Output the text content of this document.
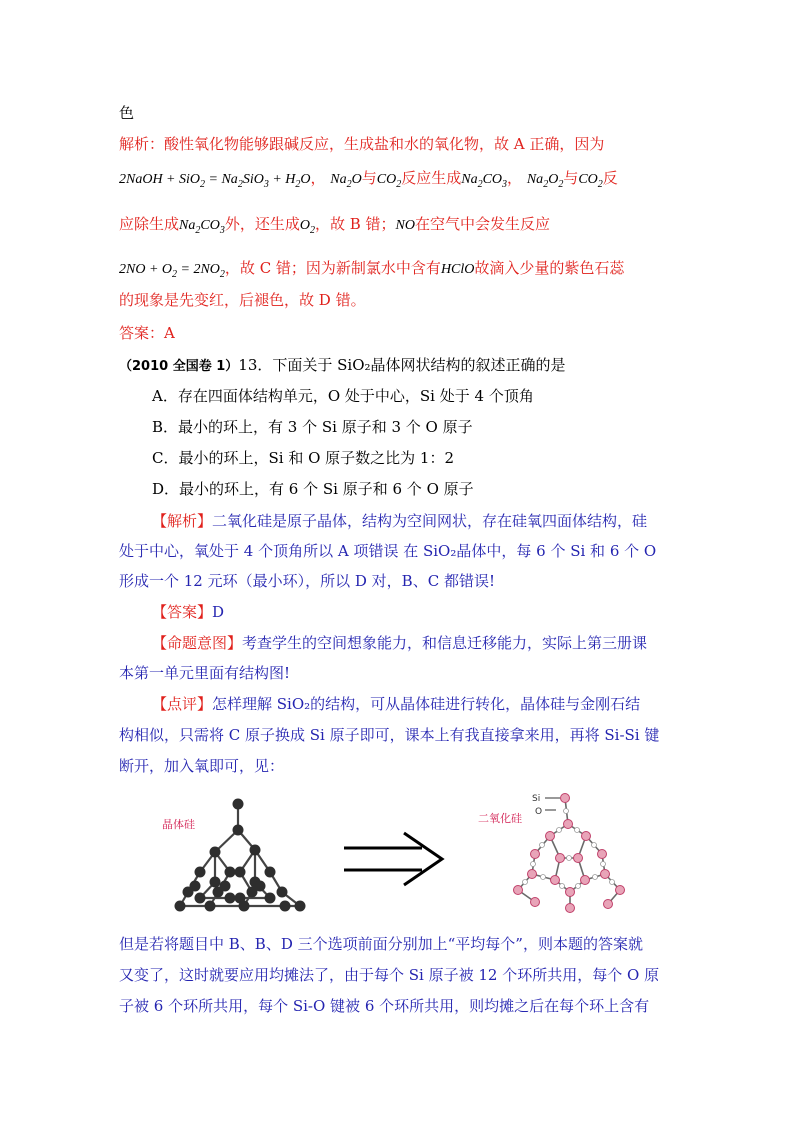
色
解析：酸性氧化物能够跟碱反应，生成盐和水的氧化物，故 A 正确，因为
2NaOH + $SiO_2 = Na_2SiO_3 + H_2O$， $Na_2O$与$CO_2$反应生成$Na_2CO_3$， $Na_2O_2$与$CO_2$反
应除生成$Na_2CO_3$外，还生成$O_2$，故 B 错；NO在空气中会发生反应
$2NO + O_2 = 2NO_2$，故 C 错；因为新制氯水中含有HClO故滴入少量的紫色石蕊
的现象是先变红，后褪色，故 D 错。
答案：A
（2010 全国卷 1）13．下面关于 SiO₂晶体网状结构的叙述正确的是
A．存在四面体结构单元，O 处于中心，Si 处于 4 个顶角
B．最小的环上，有 3 个 Si 原子和 3 个 O 原子
C．最小的环上，Si 和 O 原子数之比为 1：2
D．最小的环上，有 6 个 Si 原子和 6 个 O 原子
【解析】二氧化硅是原子晶体，结构为空间网状，存在硅氧四面体结构，硅
处于中心，氧处于 4 个顶角所以 A 项错误 在 SiO₂晶体中，每 6 个 Si 和 6 个 O
形成一个 12 元环（最小环），所以 D 对，B、C 都错误!
【答案】D
【命题意图】考查学生的空间想象能力，和信息迁移能力，实际上第三册课
本第一单元里面有结构图!
【点评】怎样理解 SiO₂的结构，可从晶体硅进行转化，晶体硅与金刚石结
构相似，只需将 C 原子换成 Si 原子即可，课本上有我直接拿来用，再将 Si-Si 键
断开，加入氧即可，见：
晶体硅	二氧化硅
Si
O
但是若将题目中 B、B、D 三个选项前面分别加上“平均每个”，则本题的答案就
又变了，这时就要应用均摊法了，由于每个 Si 原子被 12 个环所共用，每个 O 原
子被 6 个环所共用，每个 Si-O 键被 6 个环所共用，则均摊之后在每个环上含有
